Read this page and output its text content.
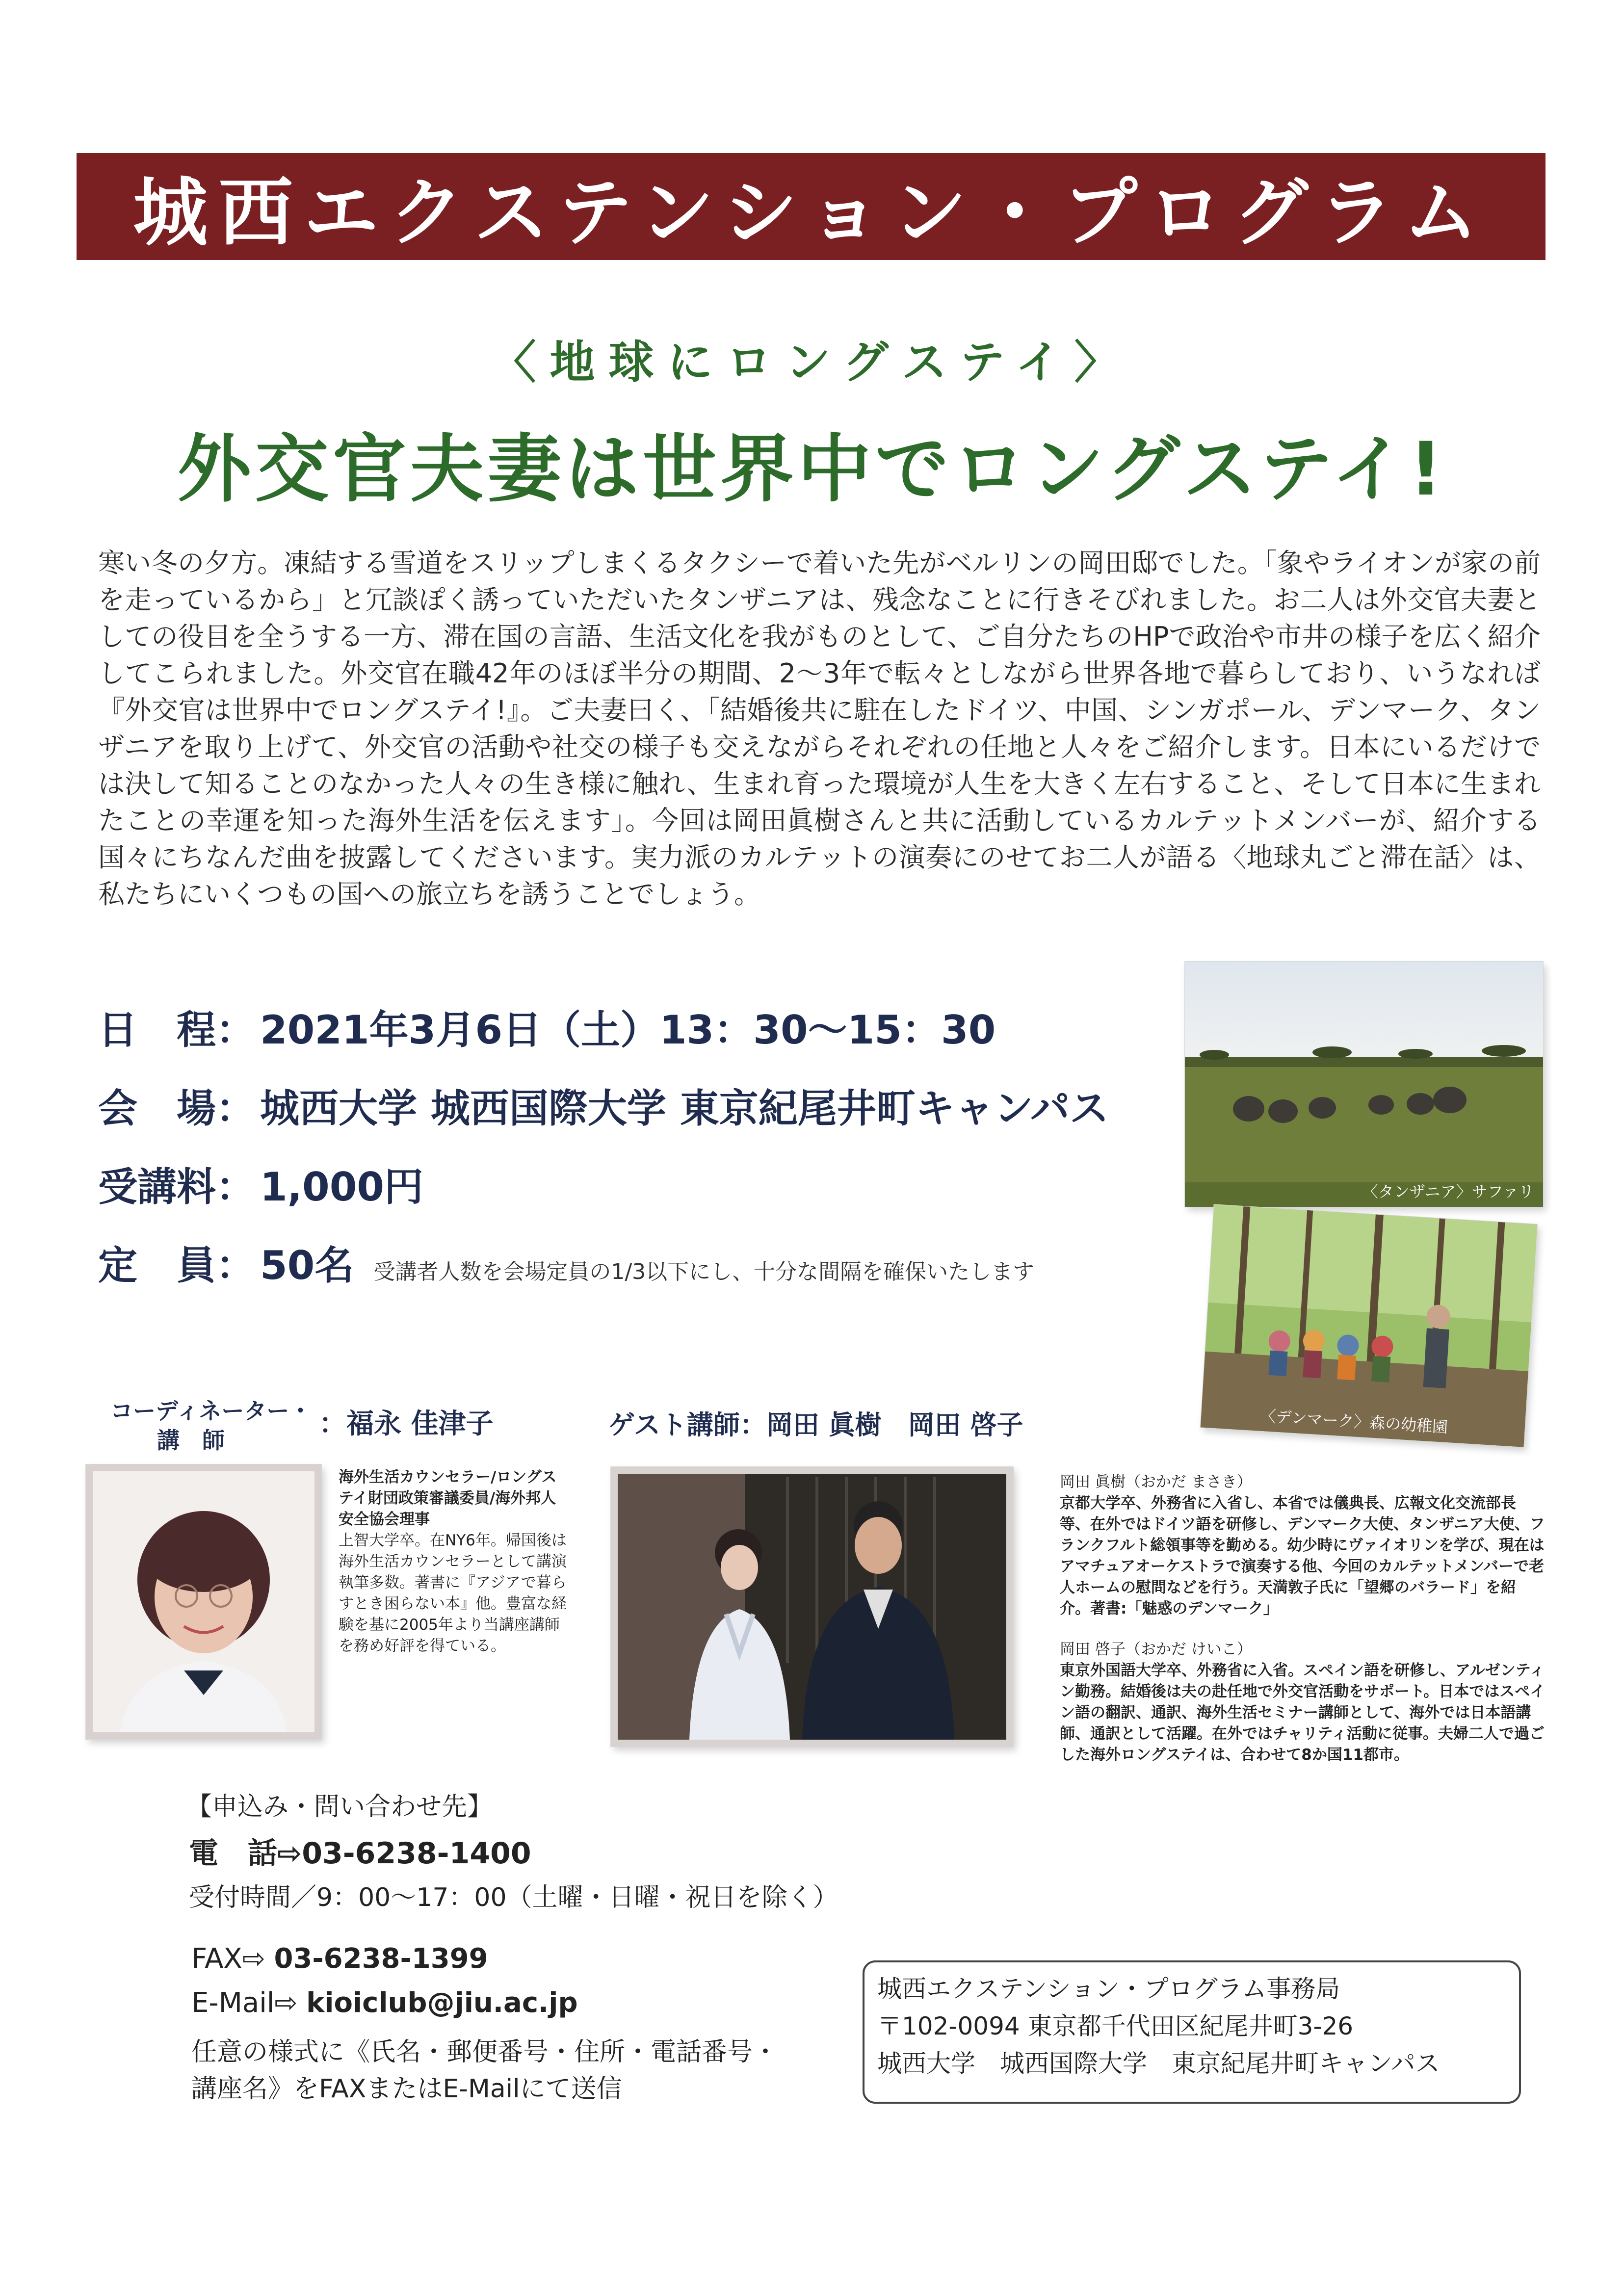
城西エクステンション・プログラム
〈地球にロングステイ〉
外交官夫妻は世界中でロングステイ!
寒い冬の夕方。凍結する雪道をスリップしまくるタクシーで着いた先がベルリンの岡田邸でした。「象やライオンが家の前を走っているから」と冗談ぽく誘っていただいたタンザニアは、残念なことに行きそびれました。お二人は外交官夫妻としての役目を全うする一方、滞在国の言語、生活文化を我がものとして、ご自分たちのHPで政治や市井の様子を広く紹介してこられました。外交官在職42年のほぼ半分の期間、2〜3年で転々としながら世界各地で暮らしており、いうなれば『外交官は世界中でロングステイ!』。ご夫妻曰く、「結婚後共に駐在したドイツ、中国、シンガポール、デンマーク、タンザニアを取り上げて、外交官の活動や社交の様子も交えながらそれぞれの任地と人々をご紹介します。日本にいるだけでは決して知ることのなかった人々の生き様に触れ、生まれ育った環境が人生を大きく左右すること、そして日本に生まれたことの幸運を知った海外生活を伝えます」。今回は岡田眞樹さんと共に活動しているカルテットメンバーが、紹介する国々にちなんだ曲を披露してくださいます。実力派のカルテットの演奏にのせてお二人が語る〈地球丸ごと滞在話〉は、私たちにいくつもの国への旅立ちを誘うことでしょう。
日　程： 2021年3月6日（土）13：30〜15：30
会　場： 城西大学 城西国際大学 東京紀尾井町キャンパス
受講料： 1,000円
定　員： 50名 受講者人数を会場定員の1/3以下にし、十分な間隔を確保いたします
〈タンザニア〉サファリ
〈デンマーク〉森の幼稚園
コーディネーター・
講　師
：福永 佳津子
海外生活カウンセラー/ロングステイ財団政策審議委員/海外邦人安全協会理事
上智大学卒。在NY6年。帰国後は海外生活カウンセラーとして講演執筆多数。著書に『アジアで暮らすとき困らない本』他。豊富な経験を基に2005年より当講座講師を務め好評を得ている。
ゲスト講師：岡田 眞樹　岡田 啓子
岡田 眞樹（おかだ まさき）
京都大学卒、外務省に入省し、本省では儀典長、広報文化交流部長等、在外ではドイツ語を研修し、デンマーク大使、タンザニア大使、フランクフルト総領事等を勤める。幼少時にヴァイオリンを学び、現在はアマチュアオーケストラで演奏する他、今回のカルテットメンバーで老人ホームの慰問などを行う。天満敦子氏に「望郷のバラード」を紹介。著書:「魅惑のデンマーク」
岡田 啓子（おかだ けいこ）
東京外国語大学卒、外務省に入省。スペイン語を研修し、アルゼンティン勤務。結婚後は夫の赴任地で外交官活動をサポート。日本ではスペイン語の翻訳、通訳、海外生活セミナー講師として、海外では日本語講師、通訳として活躍。在外ではチャリティ活動に従事。夫婦二人で過ごした海外ロングステイは、合わせて8か国11都市。
【申込み・問い合わせ先】
電　話⇨03-6238-1400
受付時間／9：00〜17：00（土曜・日曜・祝日を除く）
FAX⇨ 03-6238-1399
E-Mail⇨ kioiclub@jiu.ac.jp
任意の様式に《氏名・郵便番号・住所・電話番号・
講座名》をFAXまたはE-Mailにて送信
城西エクステンション・プログラム事務局
〒102-0094 東京都千代田区紀尾井町3-26
城西大学　城西国際大学　東京紀尾井町キャンパス
